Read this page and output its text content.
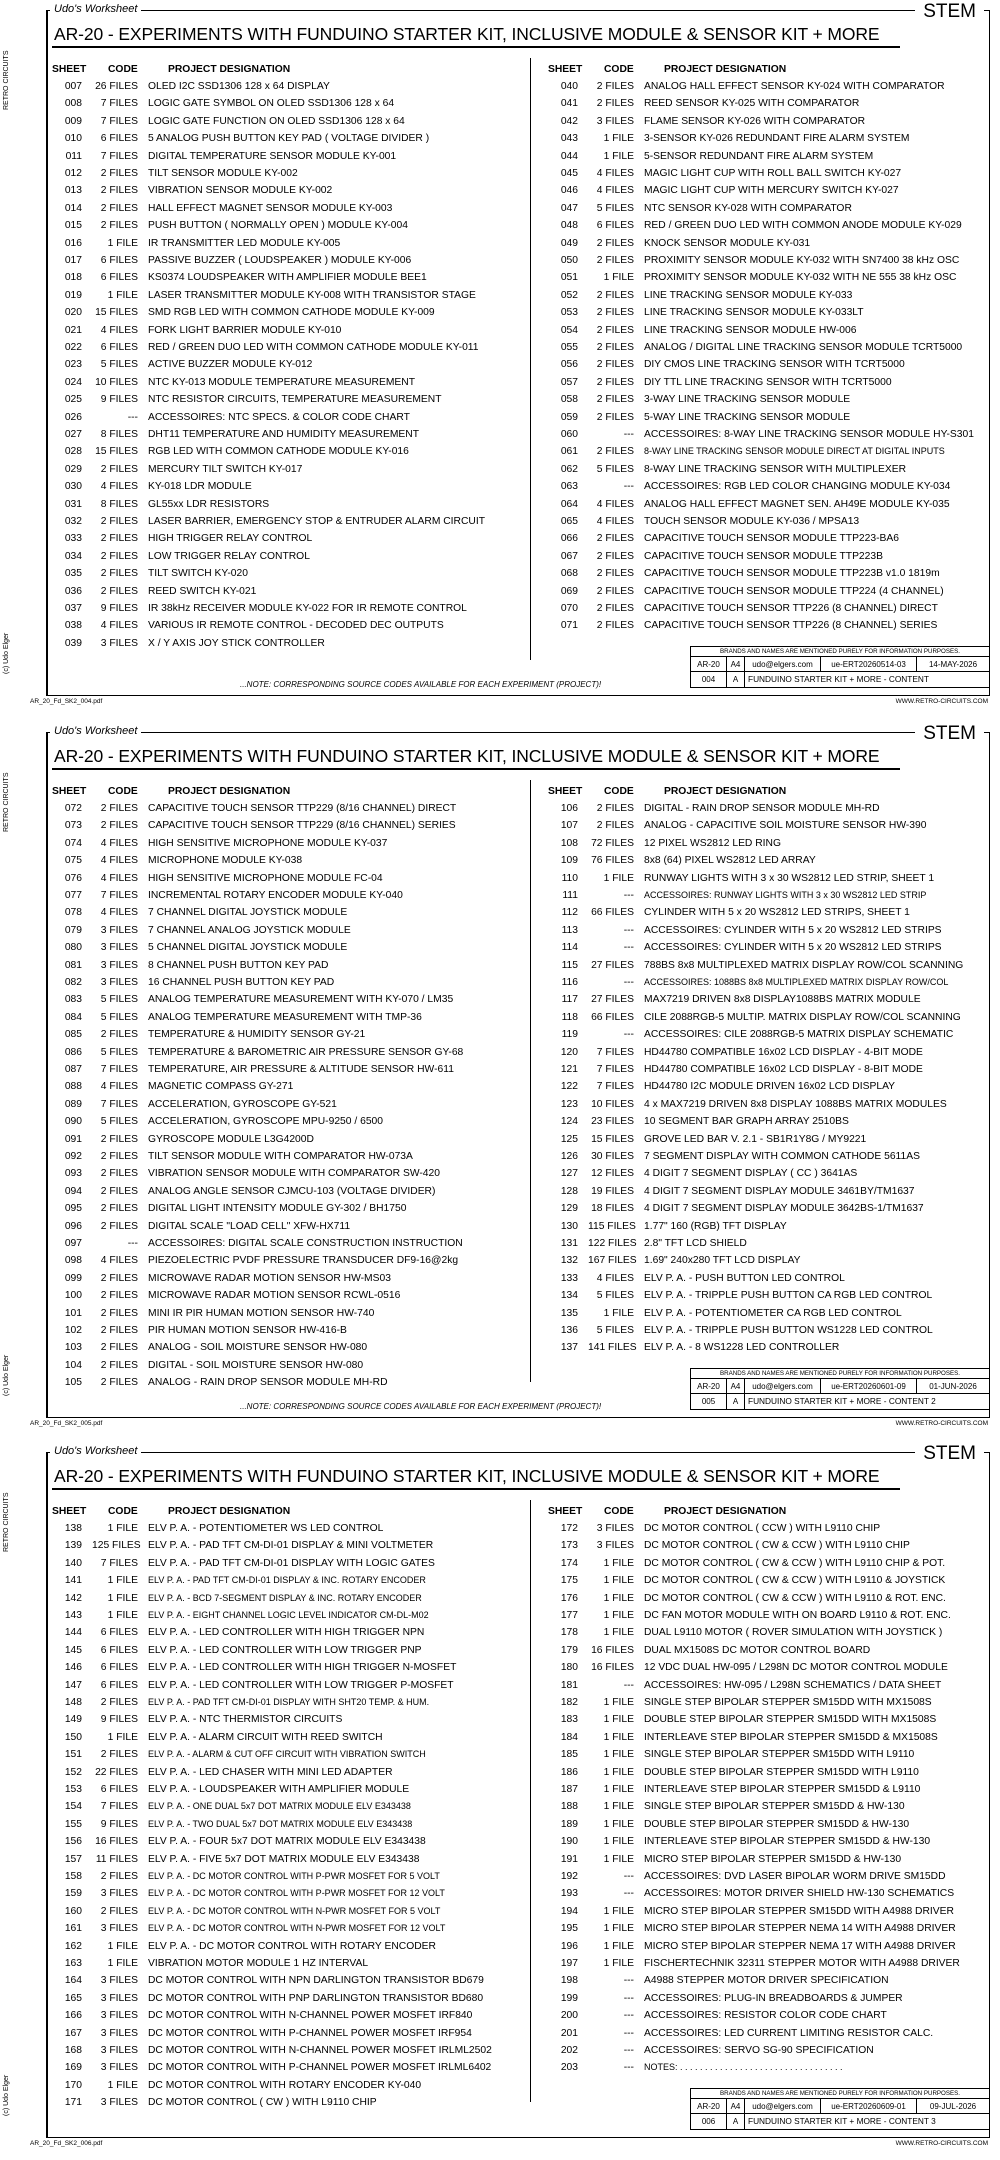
RETRO CIRCUITS
(c) Udo Elger
Udo's Worksheet	STEM
AR-20 - EXPERIMENTS WITH FUNDUINO STARTER KIT, INCLUSIVE MODULE & SENSOR KIT + MORE
SHEET CODE	PROJECT DESIGNATION
007 26 FILES OLED I2C SSD1306 128 x 64 DISPLAY
008	7 FILES LOGIC GATE SYMBOL ON OLED SSD1306 128 x 64
009	7 FILES LOGIC GATE FUNCTION ON OLED SSD1306 128 x 64
010	6 FILES 5 ANALOG PUSH BUTTON KEY PAD ( VOLTAGE DIVIDER )
011	7 FILES DIGITAL TEMPERATURE SENSOR MODULE KY-001
012	2 FILES TILT SENSOR MODULE KY-002
013	2 FILES VIBRATION SENSOR MODULE KY-002
014	2 FILES HALL EFFECT MAGNET SENSOR MODULE KY-003
015	2 FILES PUSH BUTTON ( NORMALLY OPEN ) MODULE KY-004
016	1 FILE IR TRANSMITTER LED MODULE KY-005
017	6 FILES PASSIVE BUZZER ( LOUDSPEAKER ) MODULE KY-006
018	6 FILES KS0374 LOUDSPEAKER WITH AMPLIFIER MODULE BEE1
019	1 FILE LASER TRANSMITTER MODULE KY-008 WITH TRANSISTOR STAGE
020 15 FILES SMD RGB LED WITH COMMON CATHODE MODULE KY-009
021	4 FILES FORK LIGHT BARRIER MODULE KY-010
022	6 FILES RED / GREEN DUO LED WITH COMMON CATHODE MODULE KY-011
023	5 FILES ACTIVE BUZZER MODULE KY-012
024 10 FILES NTC KY-013 MODULE TEMPERATURE MEASUREMENT
025	9 FILES NTC RESISTOR CIRCUITS, TEMPERATURE MEASUREMENT
026	--- ACCESSOIRES: NTC SPECS. & COLOR CODE CHART
027	8 FILES DHT11 TEMPERATURE AND HUMIDITY MEASUREMENT
028 15 FILES RGB LED WITH COMMON CATHODE MODULE KY-016
029	2 FILES MERCURY TILT SWITCH KY-017
030	4 FILES KY-018 LDR MODULE
031	8 FILES GL55xx LDR RESISTORS
032	2 FILES LASER BARRIER, EMERGENCY STOP & ENTRUDER ALARM CIRCUIT
033	2 FILES HIGH TRIGGER RELAY CONTROL
034	2 FILES LOW TRIGGER RELAY CONTROL
035	2 FILES TILT SWITCH KY-020
036	2 FILES REED SWITCH KY-021
037	9 FILES IR 38kHz RECEIVER MODULE KY-022 FOR IR REMOTE CONTROL
038	4 FILES VARIOUS IR REMOTE CONTROL - DECODED DEC OUTPUTS
039	3 FILES X / Y AXIS JOY STICK CONTROLLER
SHEET CODE	PROJECT DESIGNATION
040	2 FILES ANALOG HALL EFFECT SENSOR KY-024 WITH COMPARATOR
041	2 FILES REED SENSOR KY-025 WITH COMPARATOR
042	3 FILES FLAME SENSOR KY-026 WITH COMPARATOR
043	1 FILE 3-SENSOR KY-026 REDUNDANT FIRE ALARM SYSTEM
044	1 FILE 5-SENSOR REDUNDANT FIRE ALARM SYSTEM
045	4 FILES MAGIC LIGHT CUP WITH ROLL BALL SWITCH KY-027
046	4 FILES MAGIC LIGHT CUP WITH MERCURY SWITCH KY-027
047	5 FILES NTC SENSOR KY-028 WITH COMPARATOR
048	6 FILES RED / GREEN DUO LED WITH COMMON ANODE MODULE KY-029
049	2 FILES KNOCK SENSOR MODULE KY-031
050	2 FILES PROXIMITY SENSOR MODULE KY-032 WITH SN7400 38 kHz OSC
051	1 FILE PROXIMITY SENSOR MODULE KY-032 WITH NE 555 38 kHz OSC
052	2 FILES LINE TRACKING SENSOR MODULE KY-033
053	2 FILES LINE TRACKING SENSOR MODULE KY-033LT
054	2 FILES LINE TRACKING SENSOR MODULE HW-006
055	2 FILES ANALOG / DIGITAL LINE TRACKING SENSOR MODULE TCRT5000
056	2 FILES DIY CMOS LINE TRACKING SENSOR WITH TCRT5000
057	2 FILES DIY TTL LINE TRACKING SENSOR WITH TCRT5000
058	2 FILES 3-WAY LINE TRACKING SENSOR MODULE
059	2 FILES 5-WAY LINE TRACKING SENSOR MODULE
060	--- ACCESSOIRES: 8-WAY LINE TRACKING SENSOR MODULE HY-S301
061	2 FILES 8-WAY LINE TRACKING SENSOR MODULE DIRECT AT DIGITAL INPUTS
062	5 FILES 8-WAY LINE TRACKING SENSOR WITH MULTIPLEXER
063	--- ACCESSOIRES: RGB LED COLOR CHANGING MODULE KY-034
064	4 FILES ANALOG HALL EFFECT MAGNET SEN. AH49E MODULE KY-035
065	4 FILES TOUCH SENSOR MODULE KY-036 / MPSA13
066	2 FILES CAPACITIVE TOUCH SENSOR MODULE TTP223-BA6
067	2 FILES CAPACITIVE TOUCH SENSOR MODULE TTP223B
068	2 FILES CAPACITIVE TOUCH SENSOR MODULE TTP223B v1.0 1819m
069	2 FILES CAPACITIVE TOUCH SENSOR MODULE TTP224 (4 CHANNEL)
070	2 FILES CAPACITIVE TOUCH SENSOR TTP226 (8 CHANNEL) DIRECT
071	2 FILES CAPACITIVE TOUCH SENSOR TTP226 (8 CHANNEL) SERIES
...NOTE: CORRESPONDING SOURCE CODES AVAILABLE FOR EACH EXPERIMENT (PROJECT)!
BRANDS AND NAMES ARE MENTIONED PURELY FOR INFORMATION PURPOSES.
AR-20	A4	udo@elgers.com	ue-ERT20260514-03	14-MAY-2026
004	A	FUNDUINO STARTER KIT + MORE - CONTENT
AR_20_Fd_SK2_004.pdf	WWW.RETRO-CIRCUITS.COM
RETRO CIRCUITS
(c) Udo Elger
Udo's Worksheet	STEM
AR-20 - EXPERIMENTS WITH FUNDUINO STARTER KIT, INCLUSIVE MODULE & SENSOR KIT + MORE
SHEET CODE	PROJECT DESIGNATION
072	2 FILES CAPACITIVE TOUCH SENSOR TTP229 (8/16 CHANNEL) DIRECT
073	2 FILES CAPACITIVE TOUCH SENSOR TTP229 (8/16 CHANNEL) SERIES
074	4 FILES HIGH SENSITIVE MICROPHONE MODULE KY-037
075	4 FILES MICROPHONE MODULE KY-038
076	4 FILES HIGH SENSITIVE MICROPHONE MODULE FC-04
077	7 FILES INCREMENTAL ROTARY ENCODER MODULE KY-040
078	4 FILES 7 CHANNEL DIGITAL JOYSTICK MODULE
079	3 FILES 7 CHANNEL ANALOG JOYSTICK MODULE
080	3 FILES 5 CHANNEL DIGITAL JOYSTICK MODULE
081	3 FILES 8 CHANNEL PUSH BUTTON KEY PAD
082	3 FILES 16 CHANNEL PUSH BUTTON KEY PAD
083	5 FILES ANALOG TEMPERATURE MEASUREMENT WITH KY-070 / LM35
084	5 FILES ANALOG TEMPERATURE MEASUREMENT WITH TMP-36
085	2 FILES TEMPERATURE & HUMIDITY SENSOR GY-21
086	5 FILES TEMPERATURE & BAROMETRIC AIR PRESSURE SENSOR GY-68
087	7 FILES TEMPERATURE, AIR PRESSURE & ALTITUDE SENSOR HW-611
088	4 FILES MAGNETIC COMPASS GY-271
089	7 FILES ACCELERATION, GYROSCOPE GY-521
090	5 FILES ACCELERATION, GYROSCOPE MPU-9250 / 6500
091	2 FILES GYROSCOPE MODULE L3G4200D
092	2 FILES TILT SENSOR MODULE WITH COMPARATOR HW-073A
093	2 FILES VIBRATION SENSOR MODULE WITH COMPARATOR SW-420
094	2 FILES ANALOG ANGLE SENSOR CJMCU-103 (VOLTAGE DIVIDER)
095	2 FILES DIGITAL LIGHT INTENSITY MODULE GY-302 / BH1750
096	2 FILES DIGITAL SCALE "LOAD CELL" XFW-HX711
097	--- ACCESSOIRES: DIGITAL SCALE CONSTRUCTION INSTRUCTION
098	4 FILES PIEZOELECTRIC PVDF PRESSURE TRANSDUCER DF9-16@2kg
099	2 FILES MICROWAVE RADAR MOTION SENSOR HW-MS03
100	2 FILES MICROWAVE RADAR MOTION SENSOR RCWL-0516
101	2 FILES MINI IR PIR HUMAN MOTION SENSOR HW-740
102	2 FILES PIR HUMAN MOTION SENSOR HW-416-B
103	2 FILES ANALOG - SOIL MOISTURE SENSOR HW-080
104	2 FILES DIGITAL - SOIL MOISTURE SENSOR HW-080
105	2 FILES ANALOG - RAIN DROP SENSOR MODULE MH-RD
SHEET CODE	PROJECT DESIGNATION
106	2 FILES DIGITAL - RAIN DROP SENSOR MODULE MH-RD
107	2 FILES ANALOG - CAPACITIVE SOIL MOISTURE SENSOR HW-390
108 72 FILES 12 PIXEL WS2812 LED RING
109 76 FILES 8x8 (64) PIXEL WS2812 LED ARRAY
110	1 FILE RUNWAY LIGHTS WITH 3 x 30 WS2812 LED STRIP, SHEET 1
111	--- ACCESSOIRES: RUNWAY LIGHTS WITH 3 x 30 WS2812 LED STRIP
112 66 FILES CYLINDER WITH 5 x 20 WS2812 LED STRIPS, SHEET 1
113	--- ACCESSOIRES: CYLINDER WITH 5 x 20 WS2812 LED STRIPS
114	--- ACCESSOIRES: CYLINDER WITH 5 x 20 WS2812 LED STRIPS
115 27 FILES 788BS 8x8 MULTIPLEXED MATRIX DISPLAY ROW/COL SCANNING
116	--- ACCESSOIRES: 1088BS 8x8 MULTIPLEXED MATRIX DISPLAY ROW/COL
117 27 FILES MAX7219 DRIVEN 8x8 DISPLAY1088BS MATRIX MODULE
118 66 FILES CILE 2088RGB-5 MULTIP. MATRIX DISPLAY ROW/COL SCANNING
119	--- ACCESSOIRES: CILE 2088RGB-5 MATRIX DISPLAY SCHEMATIC
120	7 FILES HD44780 COMPATIBLE 16x02 LCD DISPLAY - 4-BIT MODE
121	7 FILES HD44780 COMPATIBLE 16x02 LCD DISPLAY - 8-BIT MODE
122	7 FILES HD44780 I2C MODULE DRIVEN 16x02 LCD DISPLAY
123 10 FILES 4 x MAX7219 DRIVEN 8x8 DISPLAY 1088BS MATRIX MODULES
124 23 FILES 10 SEGMENT BAR GRAPH ARRAY 2510BS
125 15 FILES GROVE LED BAR V. 2.1 - SB1R1Y8G / MY9221
126 30 FILES 7 SEGMENT DISPLAY WITH COMMON CATHODE 5611AS
127 12 FILES 4 DIGIT 7 SEGMENT DISPLAY ( CC ) 3641AS
128 19 FILES 4 DIGIT 7 SEGMENT DISPLAY MODULE 3461BY/TM1637
129 18 FILES 4 DIGIT 7 SEGMENT DISPLAY MODULE 3642BS-1/TM1637
130 115 FILES 1.77" 160 (RGB) TFT DISPLAY
131 122 FILES 2.8" TFT LCD SHIELD
132 167 FILES 1.69" 240x280 TFT LCD DISPLAY
133	4 FILES ELV P. A. - PUSH BUTTON LED CONTROL
134	5 FILES ELV P. A. - TRIPPLE PUSH BUTTON CA RGB LED CONTROL
135	1 FILE ELV P. A. - POTENTIOMETER CA RGB LED CONTROL
136	5 FILES ELV P. A. - TRIPPLE PUSH BUTTON WS1228 LED CONTROL
137 141 FILES ELV P. A. - 8 WS1228 LED CONTROLLER
...NOTE: CORRESPONDING SOURCE CODES AVAILABLE FOR EACH EXPERIMENT (PROJECT)!
BRANDS AND NAMES ARE MENTIONED PURELY FOR INFORMATION PURPOSES.
AR-20	A4	udo@elgers.com	ue-ERT20260601-09	01-JUN-2026
005	A	FUNDUINO STARTER KIT + MORE - CONTENT 2
AR_20_Fd_SK2_005.pdf	WWW.RETRO-CIRCUITS.COM
RETRO CIRCUITS
(c) Udo Elger
Udo's Worksheet	STEM
AR-20 - EXPERIMENTS WITH FUNDUINO STARTER KIT, INCLUSIVE MODULE & SENSOR KIT + MORE
SHEET CODE	PROJECT DESIGNATION
138	1 FILE ELV P. A. - POTENTIOMETER WS LED CONTROL
139 125 FILES ELV P. A. - PAD TFT CM-DI-01 DISPLAY & MINI VOLTMETER
140	7 FILES ELV P. A. - PAD TFT CM-DI-01 DISPLAY WITH LOGIC GATES
141	1 FILE ELV P. A. - PAD TFT CM-DI-01 DISPLAY & INC. ROTARY ENCODER
142	1 FILE ELV P. A. - BCD 7-SEGMENT DISPLAY & INC. ROTARY ENCODER
143	1 FILE ELV P. A. - EIGHT CHANNEL LOGIC LEVEL INDICATOR CM-DL-M02
144	6 FILES ELV P. A. - LED CONTROLLER WITH HIGH TRIGGER NPN
145	6 FILES ELV P. A. - LED CONTROLLER WITH LOW TRIGGER PNP
146	6 FILES ELV P. A. - LED CONTROLLER WITH HIGH TRIGGER N-MOSFET
147	6 FILES ELV P. A. - LED CONTROLLER WITH LOW TRIGGER P-MOSFET
148	2 FILES ELV P. A. - PAD TFT CM-DI-01 DISPLAY WITH SHT20 TEMP. & HUM.
149	9 FILES ELV P. A. - NTC THERMISTOR CIRCUITS
150	1 FILE ELV P. A. - ALARM CIRCUIT WITH REED SWITCH
151	2 FILES ELV P. A. - ALARM & CUT OFF CIRCUIT WITH VIBRATION SWITCH
152 22 FILES ELV P. A. - LED CHASER WITH MINI LED ADAPTER
153	6 FILES ELV P. A. - LOUDSPEAKER WITH AMPLIFIER MODULE
154	7 FILES ELV P. A. - ONE DUAL 5x7 DOT MATRIX MODULE ELV E343438
155	9 FILES ELV P. A. - TWO DUAL 5x7 DOT MATRIX MODULE ELV E343438
156 16 FILES ELV P. A. - FOUR 5x7 DOT MATRIX MODULE ELV E343438
157	11 FILES ELV P. A. - FIVE 5x7 DOT MATRIX MODULE ELV E343438
158	2 FILES ELV P. A. - DC MOTOR CONTROL WITH P-PWR MOSFET FOR 5 VOLT
159	3 FILES ELV P. A. - DC MOTOR CONTROL WITH P-PWR MOSFET FOR 12 VOLT
160	2 FILES ELV P. A. - DC MOTOR CONTROL WITH N-PWR MOSFET FOR 5 VOLT
161	3 FILES ELV P. A. - DC MOTOR CONTROL WITH N-PWR MOSFET FOR 12 VOLT
162	1 FILE ELV P. A. - DC MOTOR CONTROL WITH ROTARY ENCODER
163	1 FILE VIBRATION MOTOR MODULE 1 HZ INTERVAL
164	3 FILES DC MOTOR CONTROL WITH NPN DARLINGTON TRANSISTOR BD679
165	3 FILES DC MOTOR CONTROL WITH PNP DARLINGTON TRANSISTOR BD680
166	3 FILES DC MOTOR CONTROL WITH N-CHANNEL POWER MOSFET IRF840
167	3 FILES DC MOTOR CONTROL WITH P-CHANNEL POWER MOSFET IRF954
168	3 FILES DC MOTOR CONTROL WITH N-CHANNEL POWER MOSFET IRLML2502
169	3 FILES DC MOTOR CONTROL WITH P-CHANNEL POWER MOSFET IRLML6402
170	1 FILE DC MOTOR CONTROL WITH ROTARY ENCODER KY-040
171	3 FILES DC MOTOR CONTROL ( CW ) WITH L9110 CHIP
SHEET CODE	PROJECT DESIGNATION
172	3 FILES DC MOTOR CONTROL ( CCW ) WITH L9110 CHIP
173	3 FILES DC MOTOR CONTROL ( CW & CCW ) WITH L9110 CHIP
174	1 FILE DC MOTOR CONTROL ( CW & CCW ) WITH L9110 CHIP & POT.
175	1 FILE DC MOTOR CONTROL ( CW & CCW ) WITH L9110 & JOYSTICK
176	1 FILE DC MOTOR CONTROL ( CW & CCW ) WITH L9110 & ROT. ENC.
177	1 FILE DC FAN MOTOR MODULE WITH ON BOARD L9110 & ROT. ENC.
178	1 FILE DUAL L9110 MOTOR ( ROVER SIMULATION WITH JOYSTICK )
179 16 FILES DUAL MX1508S DC MOTOR CONTROL BOARD
180 16 FILES 12 VDC DUAL HW-095 / L298N DC MOTOR CONTROL MODULE
181	--- ACCESSOIRES: HW-095 / L298N SCHEMATICS / DATA SHEET
182	1 FILE SINGLE STEP BIPOLAR STEPPER SM15DD WITH MX1508S
183	1 FILE DOUBLE STEP BIPOLAR STEPPER SM15DD WITH MX1508S
184	1 FILE INTERLEAVE STEP BIPOLAR STEPPER SM15DD & MX1508S
185	1 FILE SINGLE STEP BIPOLAR STEPPER SM15DD WITH L9110
186	1 FILE DOUBLE STEP BIPOLAR STEPPER SM15DD WITH L9110
187	1 FILE INTERLEAVE STEP BIPOLAR STEPPER SM15DD & L9110
188	1 FILE SINGLE STEP BIPOLAR STEPPER SM15DD & HW-130
189	1 FILE DOUBLE STEP BIPOLAR STEPPER SM15DD & HW-130
190	1 FILE INTERLEAVE STEP BIPOLAR STEPPER SM15DD & HW-130
191	1 FILE MICRO STEP BIPOLAR STEPPER SM15DD & HW-130
192	--- ACCESSOIRES: DVD LASER BIPOLAR WORM DRIVE SM15DD
193	--- ACCESSOIRES: MOTOR DRIVER SHIELD HW-130 SCHEMATICS
194	1 FILE MICRO STEP BIPOLAR STEPPER SM15DD WITH A4988 DRIVER
195	1 FILE MICRO STEP BIPOLAR STEPPER NEMA 14 WITH A4988 DRIVER
196	1 FILE MICRO STEP BIPOLAR STEPPER NEMA 17 WITH A4988 DRIVER
197	1 FILE FISCHERTECHNIK 32311 STEPPER MOTOR WITH A4988 DRIVER
198	--- A4988 STEPPER MOTOR DRIVER SPECIFICATION
199	--- ACCESSOIRES: PLUG-IN BREADBOARDS & JUMPER
200	--- ACCESSOIRES: RESISTOR COLOR CODE CHART
201	--- ACCESSOIRES: LED CURRENT LIMITING RESISTOR CALC.
202	--- ACCESSOIRES: SERVO SG-90 SPECIFICATION
203	--- NOTES: . . . . . . . . . . . . . . . . . . . . . . . . . . . . . . . . .
BRANDS AND NAMES ARE MENTIONED PURELY FOR INFORMATION PURPOSES.
AR-20	A4	udo@elgers.com	ue-ERT20260609-01	09-JUL-2026
006	A	FUNDUINO STARTER KIT + MORE - CONTENT 3
AR_20_Fd_SK2_006.pdf	WWW.RETRO-CIRCUITS.COM
